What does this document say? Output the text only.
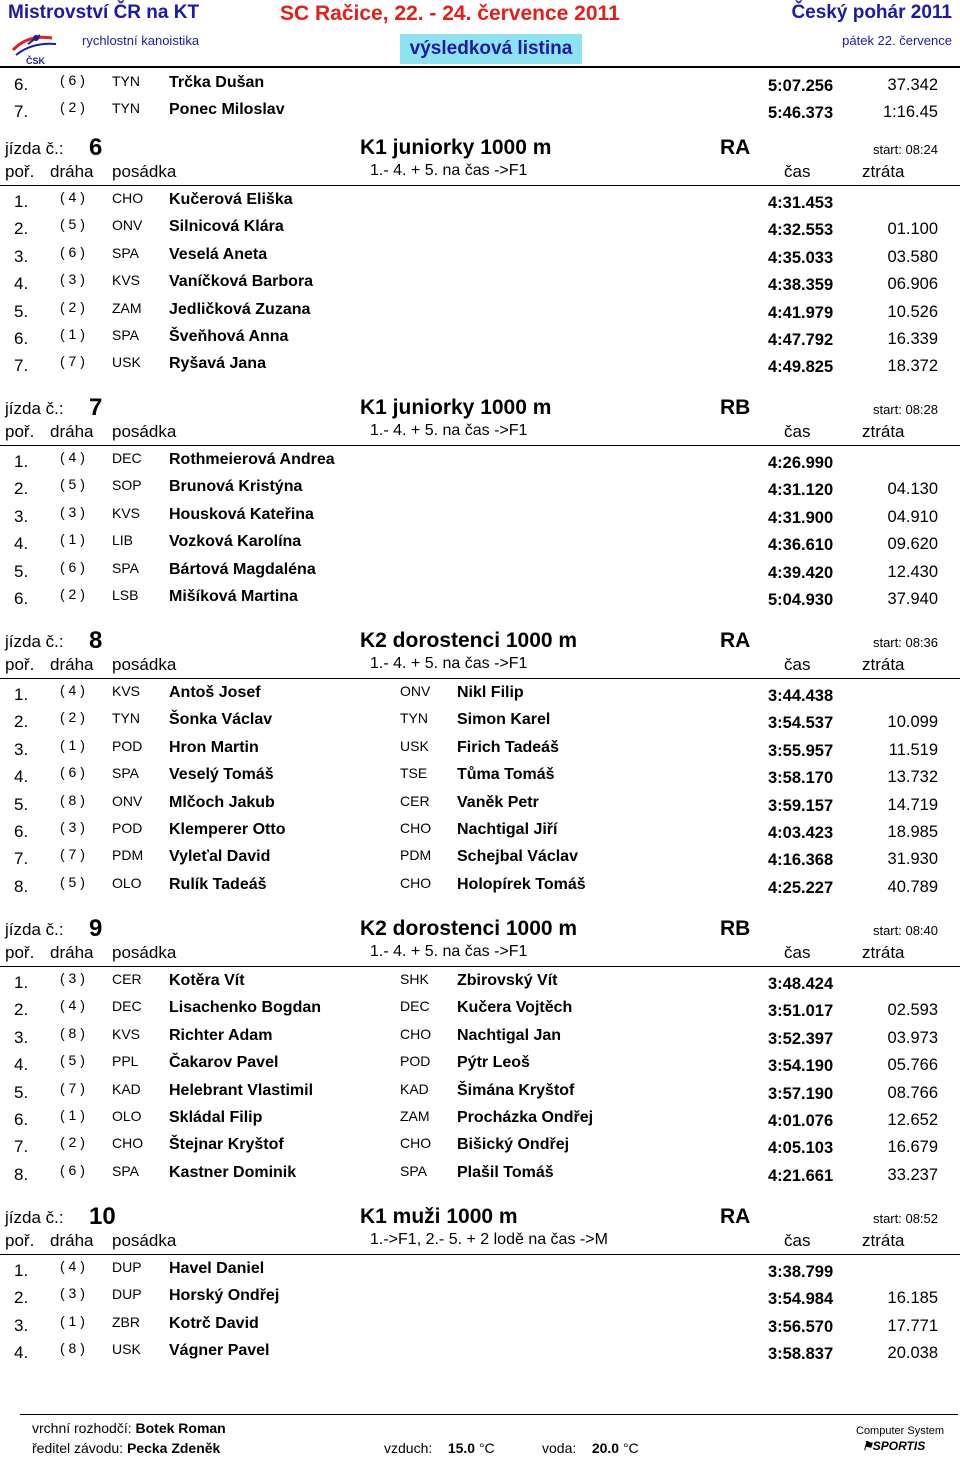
Mistrovství ČR na KT	SC Račice, 22. - 24. července 2011	Český pohár 2011
ČSK
rychlostní kanoistika	výsledková listina	pátek 22. července
6. ( 6 ) TYN Trčka Dušan	5:07.256	37.342
7. ( 2 ) TYN Ponec Miloslav	5:46.373	1:16.45
jízda č.: 6	K1 juniorky 1000 m	RA	start: 08:24
poř. dráha posádka	1.- 4. + 5. na čas ->F1	čas	ztráta
1. ( 4 ) CHO Kučerová Eliška	4:31.453
2. ( 5 ) ONV Silnicová Klára	4:32.553	01.100
3. ( 6 ) SPA Veselá Aneta	4:35.033	03.580
4. ( 3 ) KVS Vaníčková Barbora	4:38.359	06.906
5. ( 2 ) ZAM Jedličková Zuzana	4:41.979	10.526
6. ( 1 ) SPA Šveňhová Anna	4:47.792	16.339
7. ( 7 ) USK Ryšavá Jana	4:49.825	18.372
jízda č.: 7	K1 juniorky 1000 m	RB	start: 08:28
poř. dráha posádka	1.- 4. + 5. na čas ->F1	čas	ztráta
1. ( 4 ) DEC Rothmeierová Andrea	4:26.990
2. ( 5 ) SOP Brunová Kristýna	4:31.120	04.130
3. ( 3 ) KVS Housková Kateřina	4:31.900	04.910
4. ( 1 ) LIB Vozková Karolína	4:36.610	09.620
5. ( 6 ) SPA Bártová Magdaléna	4:39.420	12.430
6. ( 2 ) LSB Mišíková Martina	5:04.930	37.940
jízda č.: 8	K2 dorostenci 1000 m	RA	start: 08:36
poř. dráha posádka	1.- 4. + 5. na čas ->F1	čas	ztráta
1. ( 4 ) KVS Antoš Josef	ONV Nikl Filip	3:44.438
2. ( 2 ) TYN Šonka Václav	TYN Simon Karel	3:54.537	10.099
3. ( 1 ) POD Hron Martin	USK Firich Tadeáš	3:55.957	11.519
4. ( 6 ) SPA Veselý Tomáš	TSE Tůma Tomáš	3:58.170	13.732
5. ( 8 ) ONV Mlčoch Jakub	CER Vaněk Petr	3:59.157	14.719
6. ( 3 ) POD Klemperer Otto	CHO Nachtigal Jiří	4:03.423	18.985
7. ( 7 ) PDM Vyleťal David	PDM Schejbal Václav	4:16.368	31.930
8. ( 5 ) OLO Rulík Tadeáš	CHO Holopírek Tomáš	4:25.227	40.789
jízda č.: 9	K2 dorostenci 1000 m	RB	start: 08:40
poř. dráha posádka	1.- 4. + 5. na čas ->F1	čas	ztráta
1. ( 3 ) CER Kotěra Vít	SHK Zbirovský Vít	3:48.424
2. ( 4 ) DEC Lisachenko Bogdan	DEC Kučera Vojtěch	3:51.017	02.593
3. ( 8 ) KVS Richter Adam	CHO Nachtigal Jan	3:52.397	03.973
4. ( 5 ) PPL Čakarov Pavel	POD Pýtr Leoš	3:54.190	05.766
5. ( 7 ) KAD Helebrant Vlastimil	KAD Šimána Kryštof	3:57.190	08.766
6. ( 1 ) OLO Skládal Filip	ZAM Procházka Ondřej	4:01.076	12.652
7. ( 2 ) CHO Štejnar Kryštof	CHO Bišický Ondřej	4:05.103	16.679
8. ( 6 ) SPA Kastner Dominik	SPA Plašil Tomáš	4:21.661	33.237
jízda č.: 10	K1 muži 1000 m	RA	start: 08:52
poř. dráha posádka	1.->F1, 2.- 5. + 2 lodě na čas ->M	čas	ztráta
1. ( 4 ) DUP Havel Daniel	3:38.799
2. ( 3 ) DUP Horský Ondřej	3:54.984	16.185
3. ( 1 ) ZBR Kotrč David	3:56.570	17.771
4. ( 8 ) USK Vágner Pavel	3:58.837	20.038
vrchní rozhodčí: Botek Roman
ředitel závodu: Pecka Zdeněk	vzduch: 15.0 °C	voda: 20.0 °C
Computer System
⚑SPORTIS
